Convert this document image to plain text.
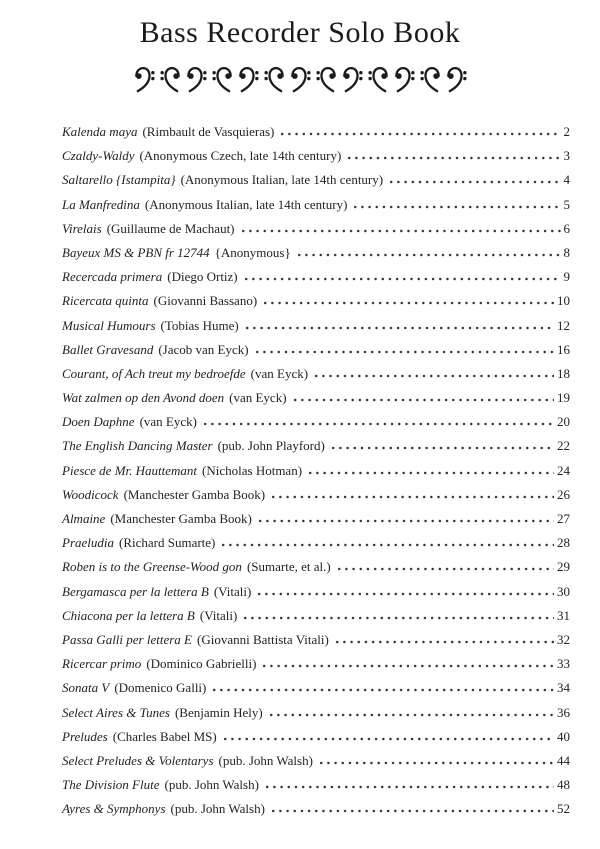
Bass Recorder Solo Book
Kalenda maya (Rimbault de Vasquieras)	2
Czaldy-Waldy (Anonymous Czech, late 14th century)	3
Saltarello {Istampita} (Anonymous Italian, late 14th century)	4
La Manfredina (Anonymous Italian, late 14th century)	5
Virelais (Guillaume de Machaut)	6
Bayeux MS & PBN fr 12744 {Anonymous}	8
Recercada primera (Diego Ortiz)	9
Ricercata quinta (Giovanni Bassano)	10
Musical Humours (Tobias Hume)	12
Ballet Gravesand (Jacob van Eyck)	16
Courant, of Ach treut my bedroefde (van Eyck)	18
Wat zalmen op den Avond doen (van Eyck)	19
Doen Daphne (van Eyck)	20
The English Dancing Master (pub. John Playford)	22
Piesce de Mr. Hauttemant (Nicholas Hotman)	24
Woodicock (Manchester Gamba Book)	26
Almaine (Manchester Gamba Book)	27
Praeludia (Richard Sumarte)	28
Roben is to the Greense-Wood gon (Sumarte, et al.)	29
Bergamasca per la lettera B (Vitali)	30
Chiacona per la lettera B (Vitali)	31
Passa Galli per lettera E (Giovanni Battista Vitali)	32
Ricercar primo (Dominico Gabrielli)	33
Sonata V (Domenico Galli)	34
Select Aires & Tunes (Benjamin Hely)	36
Preludes (Charles Babel MS)	40
Select Preludes & Volentarys (pub. John Walsh)	44
The Division Flute (pub. John Walsh)	48
Ayres & Symphonys (pub. John Walsh)	52
